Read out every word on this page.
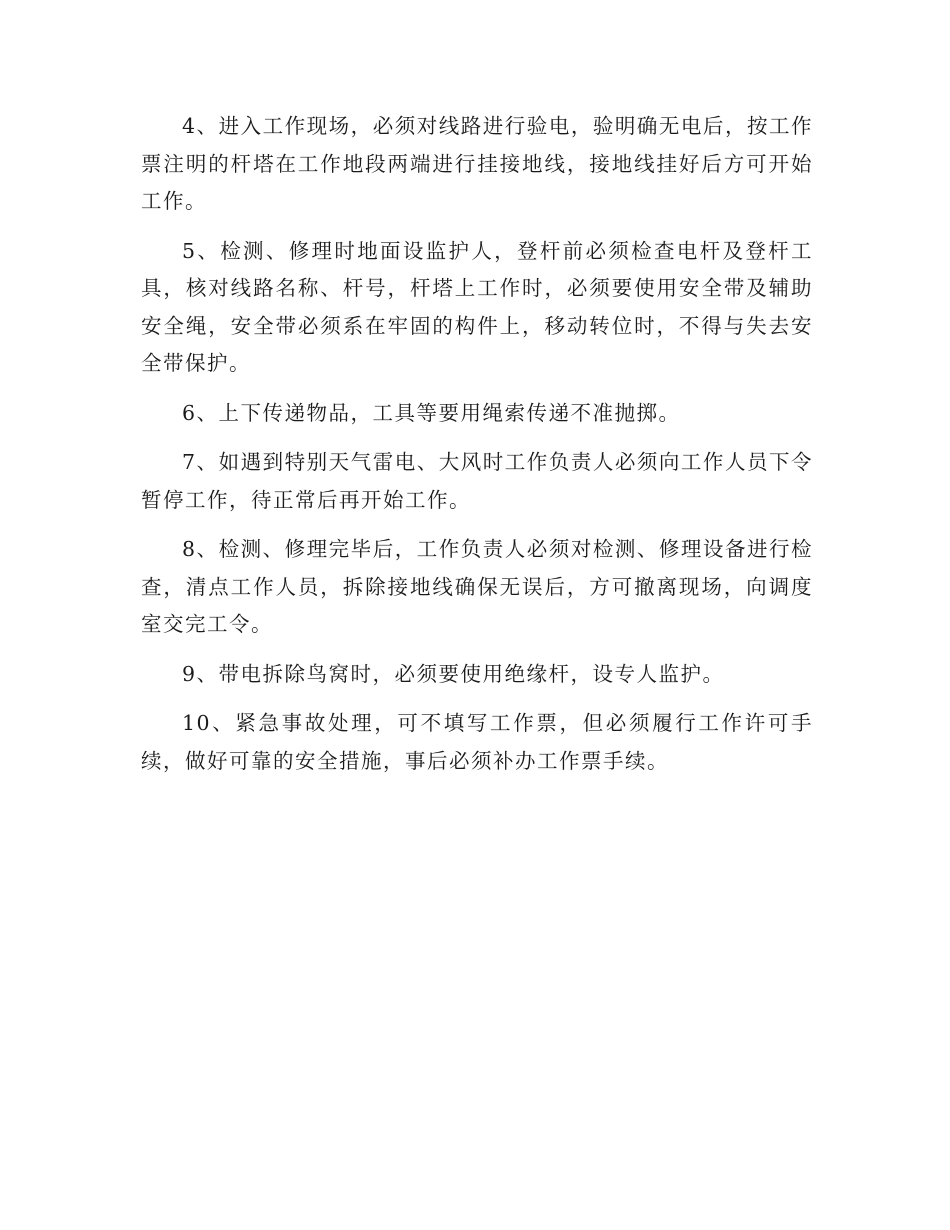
4、进入工作现场，必须对线路进行验电，验明确无电后，按工作票注明的杆塔在工作地段两端进行挂接地线，接地线挂好后方可开始工作。

5、检测、修理时地面设监护人，登杆前必须检查电杆及登杆工具，核对线路名称、杆号，杆塔上工作时，必须要使用安全带及辅助安全绳，安全带必须系在牢固的构件上，移动转位时，不得与失去安全带保护。

6、上下传递物品，工具等要用绳索传递不准抛掷。

7、如遇到特别天气雷电、大风时工作负责人必须向工作人员下令暂停工作，待正常后再开始工作。

8、检测、修理完毕后，工作负责人必须对检测、修理设备进行检查，清点工作人员，拆除接地线确保无误后，方可撤离现场，向调度室交完工令。

9、带电拆除鸟窝时，必须要使用绝缘杆，设专人监护。

10、紧急事故处理，可不填写工作票，但必须履行工作许可手续，做好可靠的安全措施，事后必须补办工作票手续。
